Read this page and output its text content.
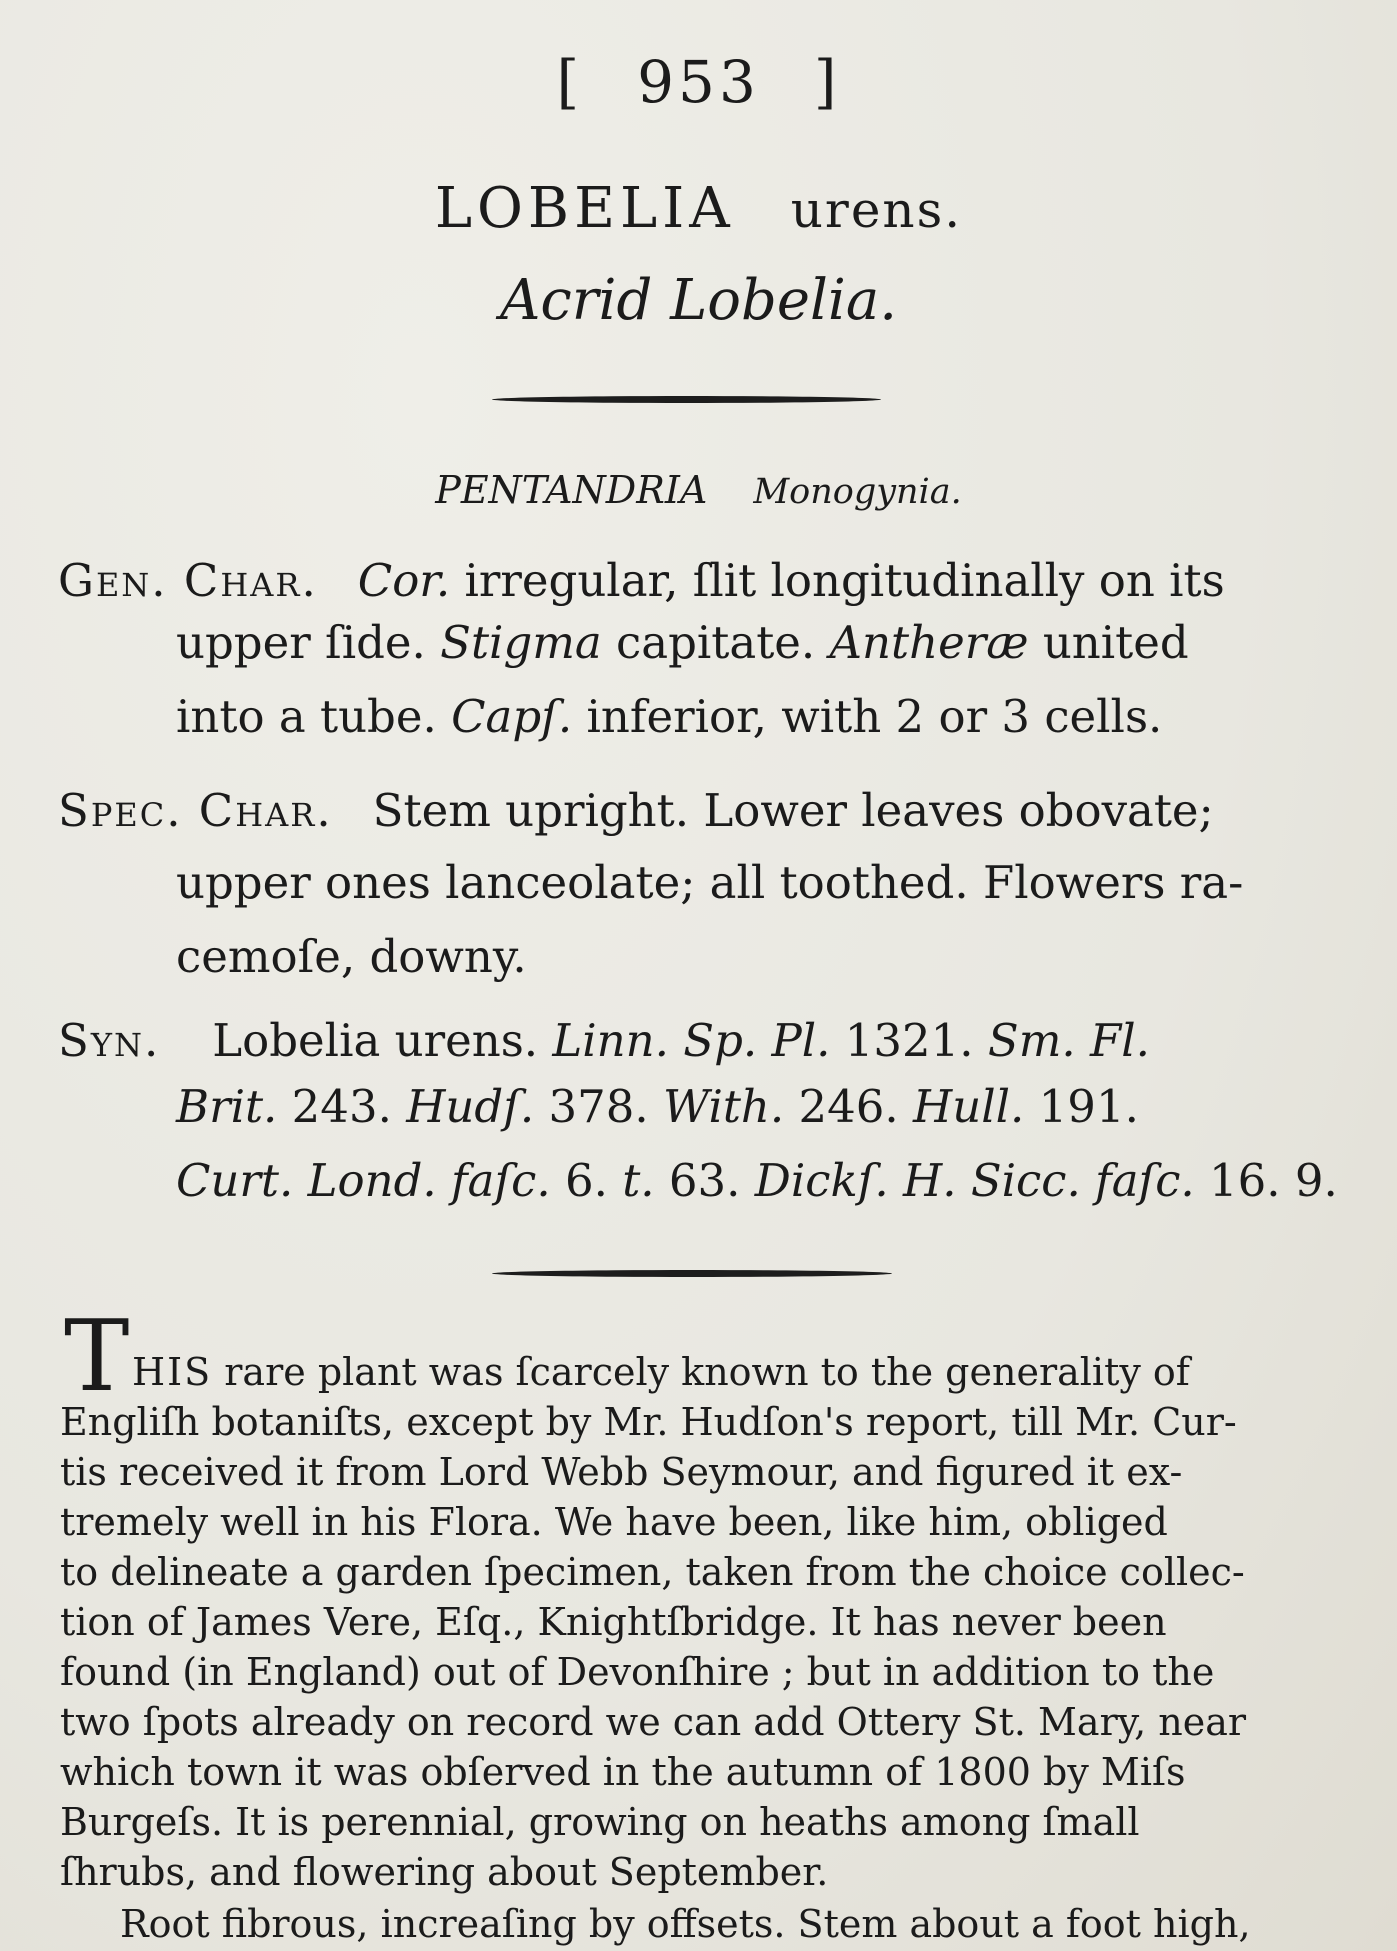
[ 953 ]
LOBELIA urens.
Acrid Lobelia.
PENTANDRIA Monogynia.
Gen. Char. Cor. irregular, ſlit longitudinally on its
upper ſide. Stigma capitate. Antheræ united
into a tube. Capſ. inferior, with 2 or 3 cells.
Spec. Char. Stem upright. Lower leaves obovate;
upper ones lanceolate; all toothed. Flowers ra-
cemoſe, downy.
Syn. Lobelia urens. Linn. Sp. Pl. 1321. Sm. Fl.
Brit. 243. Hudſ. 378. With. 246. Hull. 191.
Curt. Lond. faſc. 6. t. 63. Dickſ. H. Sicc. faſc. 16. 9.
T HIS rare plant was ſcarcely known to the generality of
Engliſh botaniſts, except by Mr. Hudſon's report, till Mr. Cur-
tis received it from Lord Webb Seymour, and figured it ex-
tremely well in his Flora. We have been, like him, obliged
to delineate a garden ſpecimen, taken from the choice collec-
tion of James Vere, Eſq., Knightſbridge. It has never been
found (in England) out of Devonſhire ; but in addition to the
two ſpots already on record we can add Ottery St. Mary, near
which town it was obſerved in the autumn of 1800 by Miſs
Burgeſs. It is perennial, growing on heaths among ſmall
ſhrubs, and flowering about September.
Root fibrous, increaſing by offsets. Stem about a foot high,
